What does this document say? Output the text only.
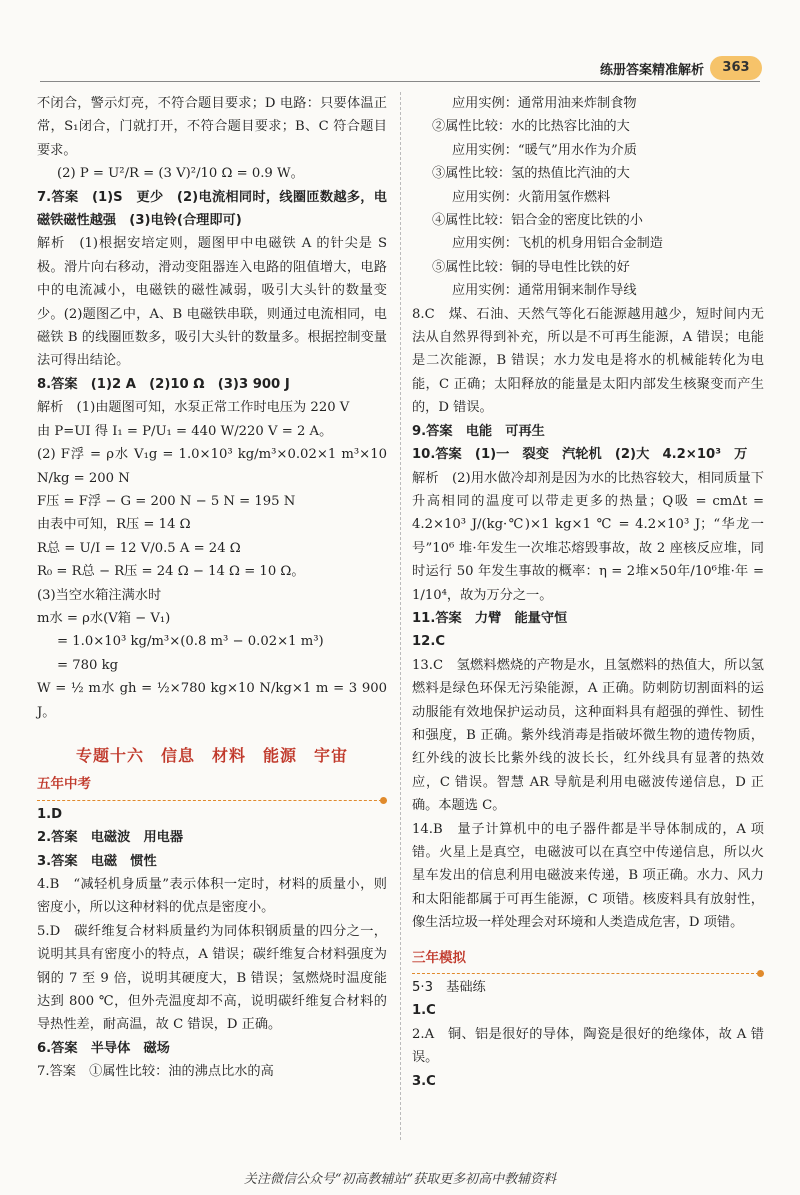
练册答案精准解析	363

不闭合，警示灯亮，不符合题目要求；D 电路：只要体温正常，S₁闭合，门就打开，不符合题目要求；B、C 符合题目要求。

(2) P = U²/R = (3 V)²/10 Ω = 0.9 W。

7.答案　(1)S　更少　(2)电流相同时，线圈匝数越多，电磁铁磁性越强　(3)电铃(合理即可)

解析　(1)根据安培定则，题图甲中电磁铁 A 的针尖是 S 极。滑片向右移动，滑动变阻器连入电路的阻值增大，电路中的电流减小，电磁铁的磁性减弱，吸引大头针的数量变少。(2)题图乙中，A、B 电磁铁串联，则通过电流相同，电磁铁 B 的线圈匝数多，吸引大头针的数量多。根据控制变量法可得出结论。

8.答案　(1)2 A　(2)10 Ω　(3)3 900 J

解析　(1)由题图可知，水泵正常工作时电压为 220 V

由 P=UI 得 I₁ = P/U₁ = 440 W/220 V = 2 A。

(2) F浮 = ρ水 V₁g = 1.0×10³ kg/m³×0.02×1 m³×10 N/kg = 200 N

F压 = F浮 − G = 200 N − 5 N = 195 N

由表中可知，R压 = 14 Ω

R总 = U/I = 12 V/0.5 A = 24 Ω

R₀ = R总 − R压 = 24 Ω − 14 Ω = 10 Ω。

(3)当空水箱注满水时

m水 = ρ水(V箱 − V₁)

= 1.0×10³ kg/m³×(0.8 m³ − 0.02×1 m³)

= 780 kg

W = ½ m水 gh = ½×780 kg×10 N/kg×1 m = 3 900 J。

专题十六　信息　材料　能源　宇宙
五年中考

1.D

2.答案　电磁波　用电器

3.答案　电磁　惯性

4.B　“减轻机身质量”表示体积一定时，材料的质量小，则密度小，所以这种材料的优点是密度小。

5.D　碳纤维复合材料质量约为同体积钢质量的四分之一，说明其具有密度小的特点，A 错误；碳纤维复合材料强度为钢的 7 至 9 倍，说明其硬度大，B 错误；氢燃烧时温度能达到 800 ℃，但外壳温度却不高，说明碳纤维复合材料的导热性差，耐高温，故 C 错误，D 正确。

6.答案　半导体　磁场

7.答案　①属性比较：油的沸点比水的高

应用实例：通常用油来炸制食物

②属性比较：水的比热容比油的大

应用实例：“暖气”用水作为介质

③属性比较：氢的热值比汽油的大

应用实例：火箭用氢作燃料

④属性比较：铝合金的密度比铁的小

应用实例：飞机的机身用铝合金制造

⑤属性比较：铜的导电性比铁的好

应用实例：通常用铜来制作导线

8.C　煤、石油、天然气等化石能源越用越少，短时间内无法从自然界得到补充，所以是不可再生能源，A 错误；电能是二次能源，B 错误；水力发电是将水的机械能转化为电能，C 正确；太阳释放的能量是太阳内部发生核聚变而产生的，D 错误。

9.答案　电能　可再生

10.答案　(1)一　裂变　汽轮机　(2)大　4.2×10³　万

解析　(2)用水做冷却剂是因为水的比热容较大，相同质量下升高相同的温度可以带走更多的热量；Q吸 = cmΔt = 4.2×10³ J/(kg·℃)×1 kg×1 ℃ = 4.2×10³ J；“华龙一号”10⁶ 堆·年发生一次堆芯熔毁事故，故 2 座核反应堆，同时运行 50 年发生事故的概率：η = 2堆×50年/10⁶堆·年 = 1/10⁴，故为万分之一。

11.答案　力臂　能量守恒

12.C

13.C　氢燃料燃烧的产物是水，且氢燃料的热值大，所以氢燃料是绿色环保无污染能源，A 正确。防刺防切割面料的运动服能有效地保护运动员，这种面料具有超强的弹性、韧性和强度，B 正确。紫外线消毒是指破坏微生物的遗传物质，红外线的波长比紫外线的波长长，红外线具有显著的热效应，C 错误。智慧 AR 导航是利用电磁波传递信息，D 正确。本题选 C。

14.B　量子计算机中的电子器件都是半导体制成的，A 项错。火星上是真空，电磁波可以在真空中传递信息，所以火星车发出的信息利用电磁波来传递，B 项正确。水力、风力和太阳能都属于可再生能源，C 项错。核废料具有放射性，像生活垃圾一样处理会对环境和人类造成危害，D 项错。

三年模拟

5·3　基础练

1.C

2.A　铜、铝是很好的导体，陶瓷是很好的绝缘体，故 A 错误。

3.C

关注微信公众号“初高教辅站”获取更多初高中教辅资料
